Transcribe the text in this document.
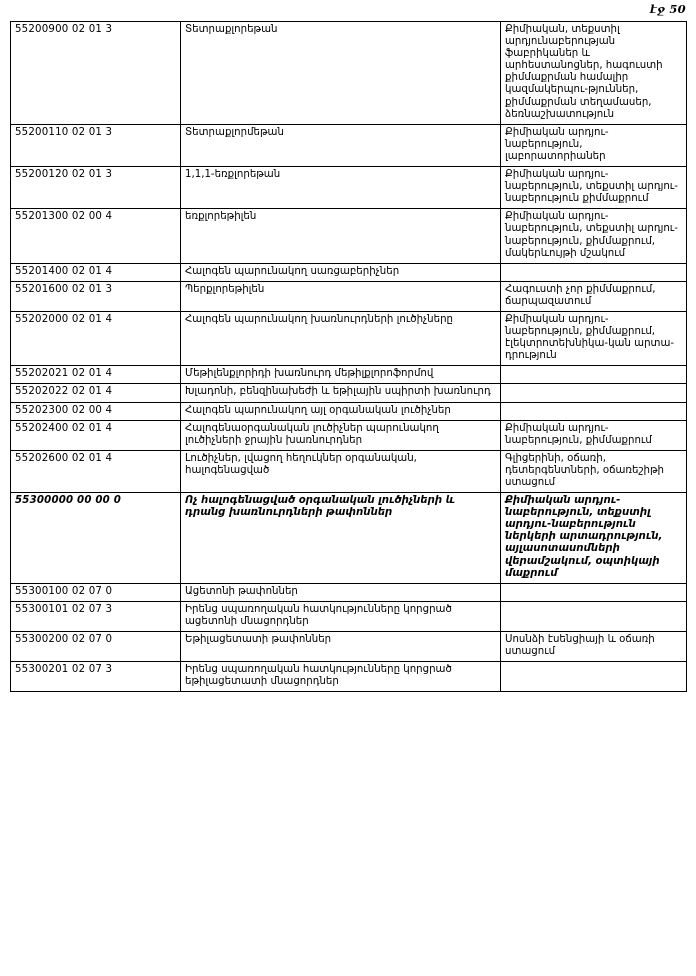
էջ 50
55200900 02 01 3	Տետրաքլորեթան	Քիմիական, տեքստիլ արդյունաբերության ֆաբրիկաներ և արհեստանոցներ, հագուստի քիմմաքրման համալիր կազմակերպու-թյուններ, քիմմաքրման տեղամասեր, ձեռնաշխատություն
55200110 02 01 3	Տետրաքլորմեթան	Քիմիական արդյու-նաբերություն, լաբորատորիաներ
55200120 02 01 3	1,1,1-եռքլորեթան	Քիմիական արդյու-նաբերություն, տեքստիլ արդյու-նաբերություն քիմմաքրում
55201300 02 00 4	եռքլորեթիլեն	Քիմիական արդյու-նաբերություն, տեքստիլ արդյու-նաբերություն, քիմմաքրում, մակերևույթի մշակում
55201400 02 01 4	Հալոգեն պարունակող սառցաբերիչներ	
55201600 02 01 3	Պերքլորեթիլեն	Հագուստի չոր քիմմաքրում, ճարպազատում
55202000 02 01 4	Հալոգեն պարունակող խառնուրդների լուծիչները	Քիմիական արդյու-նաբերություն, քիմմաքրում, էլեկտրոտեխնիկա-կան արտա-դրություն
55202021 02 01 4	Մեթիլենքլորիդի խառնուրդ մեթիլքլորոֆորմով	
55202022 02 01 4	Խլադոնի, բենզինախեժի և եթիլային սպիրտի խառնուրդ	
55202300 02 00 4	Հալոգեն պարունակող այլ օրգանական լուծիչներ	
55202400 02 01 4	Հալոգենաօրգանական լուծիչներ պարունակող լուծիչների ջրային խառնուրդներ	Քիմիական արդյու-նաբերություն, քիմմաքրում
55202600 02 01 4	Լուծիչներ, լվացող հեղուկներ օրգանական, հալոգենացված	Գլիցերինի, օճառի, դետերգենտների, օճառեշիթի ստացում
55300000 00 00 0	Ոչ հալոգենացված օրգանական լուծիչների և դրանց խառնուրդների թափոններ	Քիմիական արդյու-նաբերություն, տեքստիլ արդյու-նաբերություն ներկերի արտադրություն, այլասոտասոմների վերամշակում, օպտիկայի մաքրում
55300100 02 07 0	Ացետոնի թափոններ	
55300101 02 07 3	Իրենց սպառողական հատկությունները կորցրած ացետոնի մնացորդներ	
55300200 02 07 0	Եթիլացետատի թափոններ	Սոսնձի էսենցիայի և օճառի ստացում
55300201 02 07 3	Իրենց սպառողական հատկությունները կորցրած եթիլացետատի մնացորդներ	
